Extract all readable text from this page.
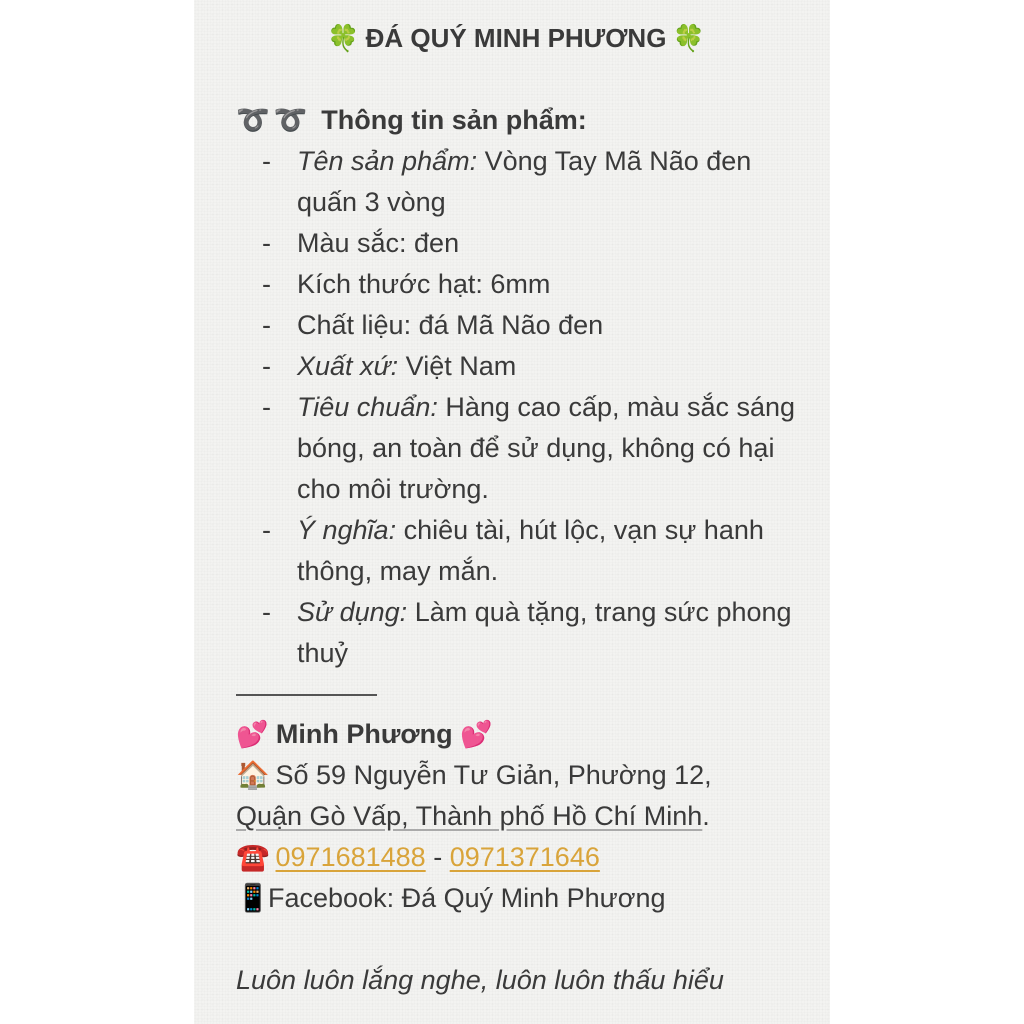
🍀 ĐÁ QUÝ MINH PHƯƠNG 🍀
➰➰ Thông tin sản phẩm:
- Tên sản phẩm: Vòng Tay Mã Não đen quấn 3 vòng
- Màu sắc: đen
- Kích thước hạt: 6mm
- Chất liệu: đá Mã Não đen
- Xuất xứ: Việt Nam
- Tiêu chuẩn: Hàng cao cấp, màu sắc sáng bóng, an toàn để sử dụng, không có hại cho môi trường.
- Ý nghĩa: chiêu tài, hút lộc, vạn sự hanh thông, may mắn.
- Sử dụng: Làm quà tặng, trang sức phong thuỷ
💕
Minh Phương
💕
🏠 Số 59 Nguyễn Tư Giản, Phường 12,
Quận Gò Vấp, Thành phố Hồ Chí Minh.
☎️ 0971681488 - 0971371646
📱Facebook: Đá Quý Minh Phương
Luôn luôn lắng nghe, luôn luôn thấu hiểu
